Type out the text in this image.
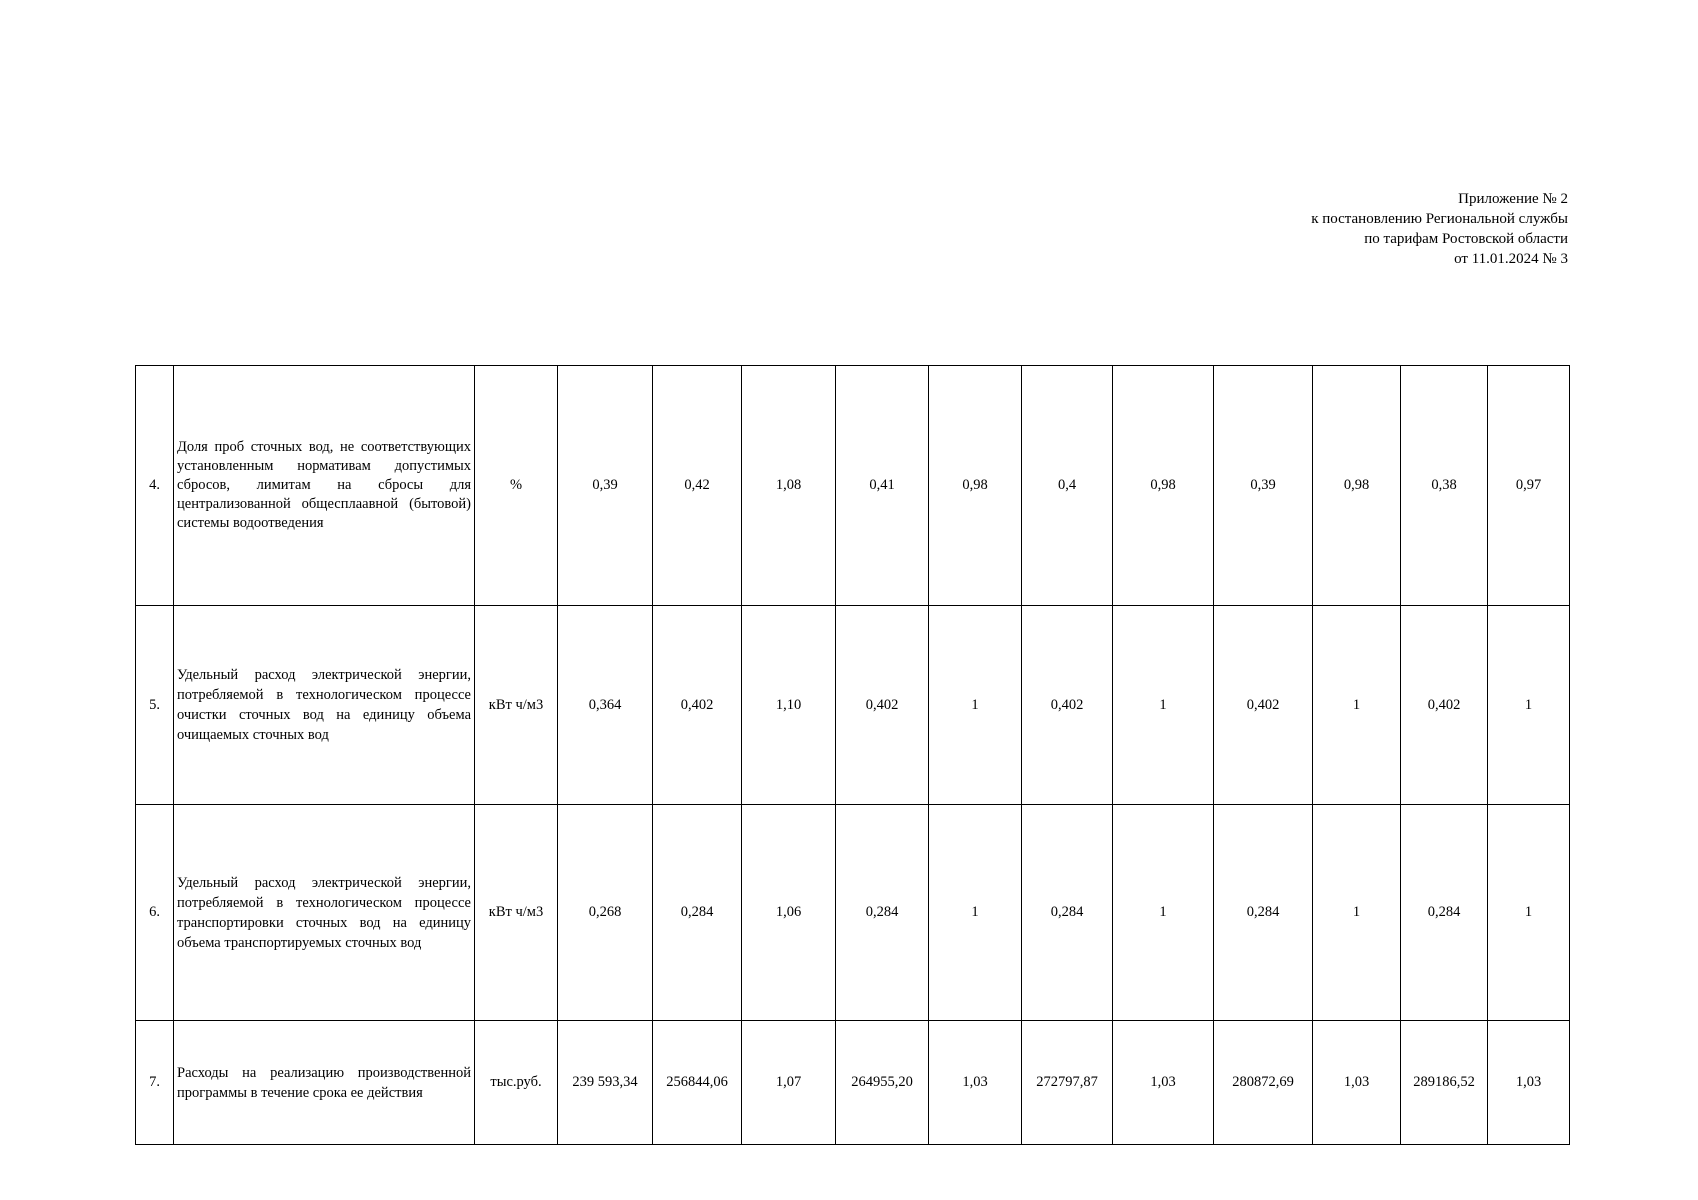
Приложение № 2
к постановлению Региональной службы
по тарифам Ростовской области
от 11.01.2024 № 3
4.	Доля проб сточных вод, не соответствующих установленным нормативам допустимых сбросов, лимитам на сбросы для централизованной общесплаавной (бытовой) системы водоотведения	%	0,39	0,42	1,08	0,41	0,98	0,4	0,98	0,39	0,98	0,38	0,97
5.	Удельный расход электрической энергии, потребляемой в технологическом процессе очистки сточных вод на единицу объема очищаемых сточных вод	кВт ч/м3	0,364	0,402	1,10	0,402	1	0,402	1	0,402	1	0,402	1
6.	Удельный расход электрической энергии, потребляемой в технологическом процессе транспортировки сточных вод на единицу объема транспортируемых сточных вод	кВт ч/м3	0,268	0,284	1,06	0,284	1	0,284	1	0,284	1	0,284	1
7.	Расходы на реализацию производственной программы в течение срока ее действия	тыс.руб.	239 593,34	256844,06	1,07	264955,20	1,03	272797,87	1,03	280872,69	1,03	289186,52	1,03
